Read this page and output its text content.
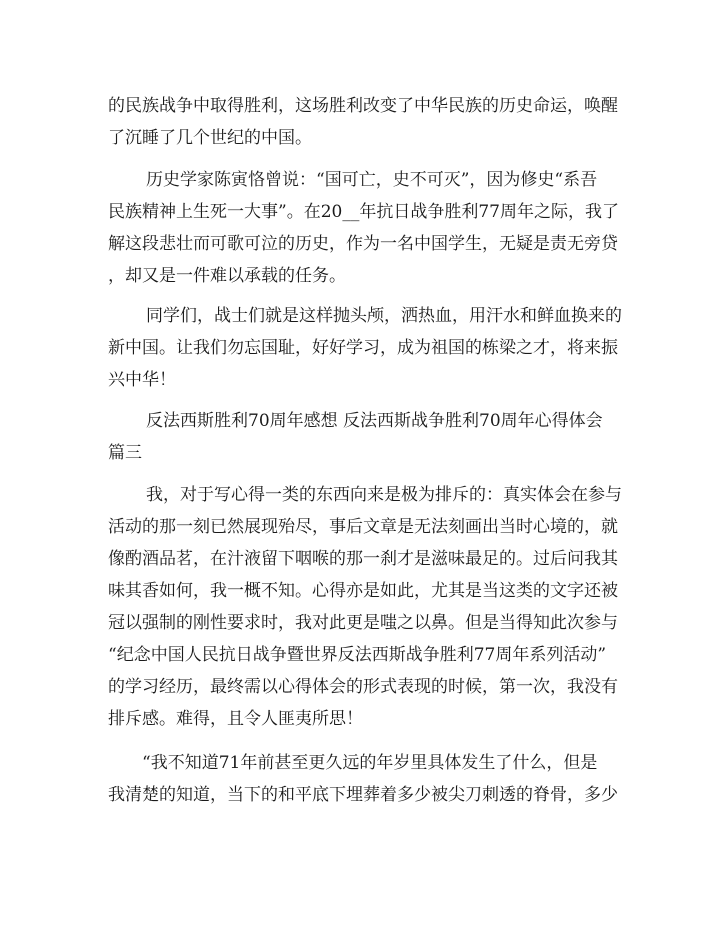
的民族战争中取得胜利，这场胜利改变了中华民族的历史命运，唤醒
了沉睡了几个世纪的中国。
历史学家陈寅恪曾说：“国可亡，史不可灭”，因为修史“系吾
民族精神上生死一大事”。在20__年抗日战争胜利77周年之际，我了
解这段悲壮而可歌可泣的历史，作为一名中国学生，无疑是责无旁贷
，却又是一件难以承载的任务。
同学们，战士们就是这样抛头颅，洒热血，用汗水和鲜血换来的
新中国。让我们勿忘国耻，好好学习，成为祖国的栋梁之才，将来振
兴中华！
反法西斯胜利70周年感想 反法西斯战争胜利70周年心得体会
篇三
我，对于写心得一类的东西向来是极为排斥的：真实体会在参与
活动的那一刻已然展现殆尽，事后文章是无法刻画出当时心境的，就
像酌酒品茗，在汁液留下咽喉的那一刹才是滋味最足的。过后问我其
味其香如何，我一概不知。心得亦是如此，尤其是当这类的文字还被
冠以强制的刚性要求时，我对此更是嗤之以鼻。但是当得知此次参与
“纪念中国人民抗日战争暨世界反法西斯战争胜利77周年系列活动”
的学习经历，最终需以心得体会的形式表现的时候，第一次，我没有
排斥感。难得，且令人匪夷所思！
“我不知道71年前甚至更久远的年岁里具体发生了什么，但是
我清楚的知道，当下的和平底下埋葬着多少被尖刀刺透的脊骨，多少
